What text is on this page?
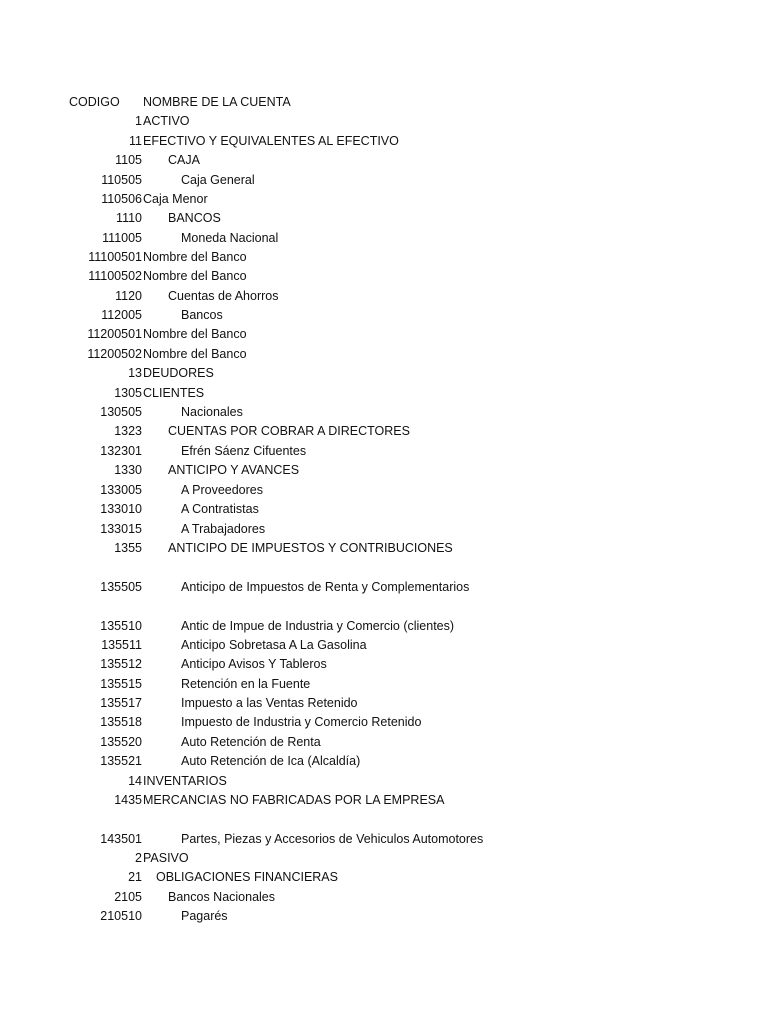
CODIGO NOMBRE DE LA CUENTA
1 ACTIVO
11 EFECTIVO Y EQUIVALENTES AL EFECTIVO
1105 CAJA
110505	Caja General
110506 Caja Menor
1110 BANCOS
111005	Moneda Nacional
11100501 Nombre del Banco
11100502 Nombre del Banco
1120 Cuentas de Ahorros
112005	Bancos
11200501 Nombre del Banco
11200502 Nombre del Banco
13 DEUDORES
1305 CLIENTES
130505	Nacionales
1323 CUENTAS POR COBRAR A DIRECTORES
132301	Efrén Sáenz Cifuentes
1330 ANTICIPO Y AVANCES
133005	A Proveedores
133010	A Contratistas
133015	A Trabajadores
1355 ANTICIPO DE IMPUESTOS Y CONTRIBUCIONES
135505	Anticipo de Impuestos de Renta y Complementarios
135510	Antic de Impue de Industria y Comercio (clientes)
135511	Anticipo Sobretasa A La Gasolina
135512	Anticipo Avisos Y Tableros
135515	Retención en la Fuente
135517	Impuesto a las Ventas Retenido
135518	Impuesto de Industria y Comercio Retenido
135520	Auto Retención de Renta
135521	Auto Retención de Ica (Alcaldía)
14 INVENTARIOS
1435 MERCANCIAS NO FABRICADAS POR LA EMPRESA
143501	Partes, Piezas y Accesorios de Vehiculos Automotores
2 PASIVO
21 OBLIGACIONES FINANCIERAS
2105 Bancos Nacionales
210510	Pagarés
